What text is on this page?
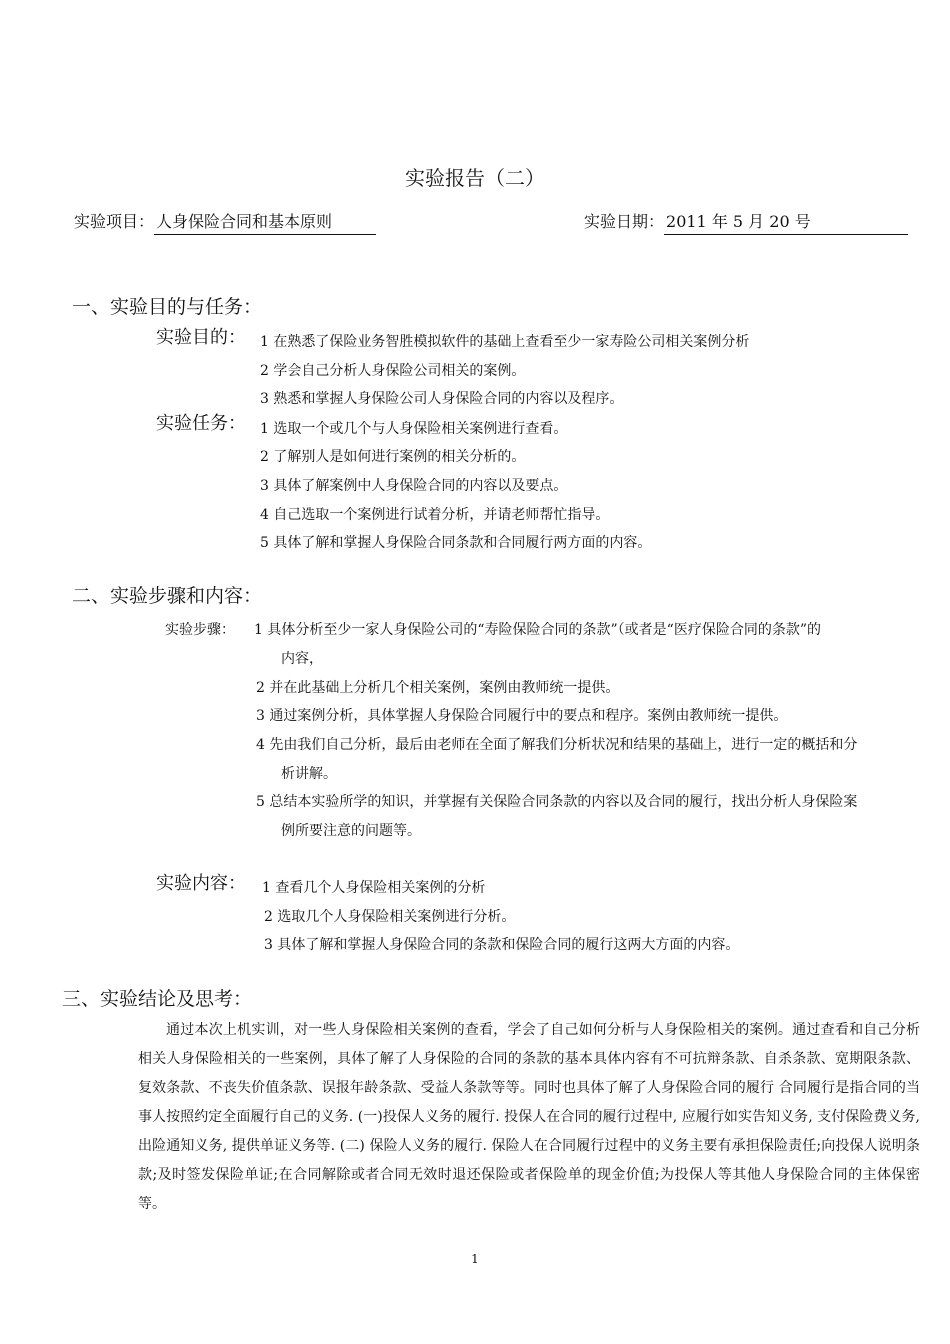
实验报告（二）
实验项目： 人身保险合同和基本原则	实验日期： 2011 年 5 月 20 号
一、实验目的与任务：
实验目的： 1 在熟悉了保险业务智胜模拟软件的基础上查看至少一家寿险公司相关案例分析
2 学会自己分析人身保险公司相关的案例。
3 熟悉和掌握人身保险公司人身保险合同的内容以及程序。
实验任务： 1 选取一个或几个与人身保险相关案例进行查看。
2 了解别人是如何进行案例的相关分析的。
3 具体了解案例中人身保险合同的内容以及要点。
4 自己选取一个案例进行试着分析，并请老师帮忙指导。
5 具体了解和掌握人身保险合同条款和合同履行两方面的内容。
二、实验步骤和内容：
实验步骤： 1 具体分析至少一家人身保险公司的“寿险保险合同的条款”（或者是“医疗保险合同的条款”的
内容，
2 并在此基础上分析几个相关案例，案例由教师统一提供。
3 通过案例分析，具体掌握人身保险合同履行中的要点和程序。案例由教师统一提供。
4 先由我们自己分析，最后由老师在全面了解我们分析状况和结果的基础上，进行一定的概括和分
析讲解。
5 总结本实验所学的知识，并掌握有关保险合同条款的内容以及合同的履行，找出分析人身保险案
例所要注意的问题等。
实验内容： 1 查看几个人身保险相关案例的分析
2 选取几个人身保险相关案例进行分析。
3 具体了解和掌握人身保险合同的条款和保险合同的履行这两大方面的内容。
三、实验结论及思考：
通过本次上机实训，对一些人身保险相关案例的查看，学会了自己如何分析与人身保险相关的案例。通过查看和自己分析相关人身保险相关的一些案例，具体了解了人身保险的合同的条款的基本具体内容有不可抗辩条款、自杀条款、宽期限条款、复效条款、不丧失价值条款、误报年龄条款、受益人条款等等。同时也具体了解了人身保险合同的履行 合同履行是指合同的当事人按照约定全面履行自己的义务. (一)投保人义务的履行. 投保人在合同的履行过程中, 应履行如实告知义务, 支付保险费义务, 出险通知义务, 提供单证义务等. (二) 保险人义务的履行. 保险人在合同履行过程中的义务主要有承担保险责任;向投保人说明条款;及时签发保险单证;在合同解除或者合同无效时退还保险或者保险单的现金价值;为投保人等其他人身保险合同的主体保密等。
1
